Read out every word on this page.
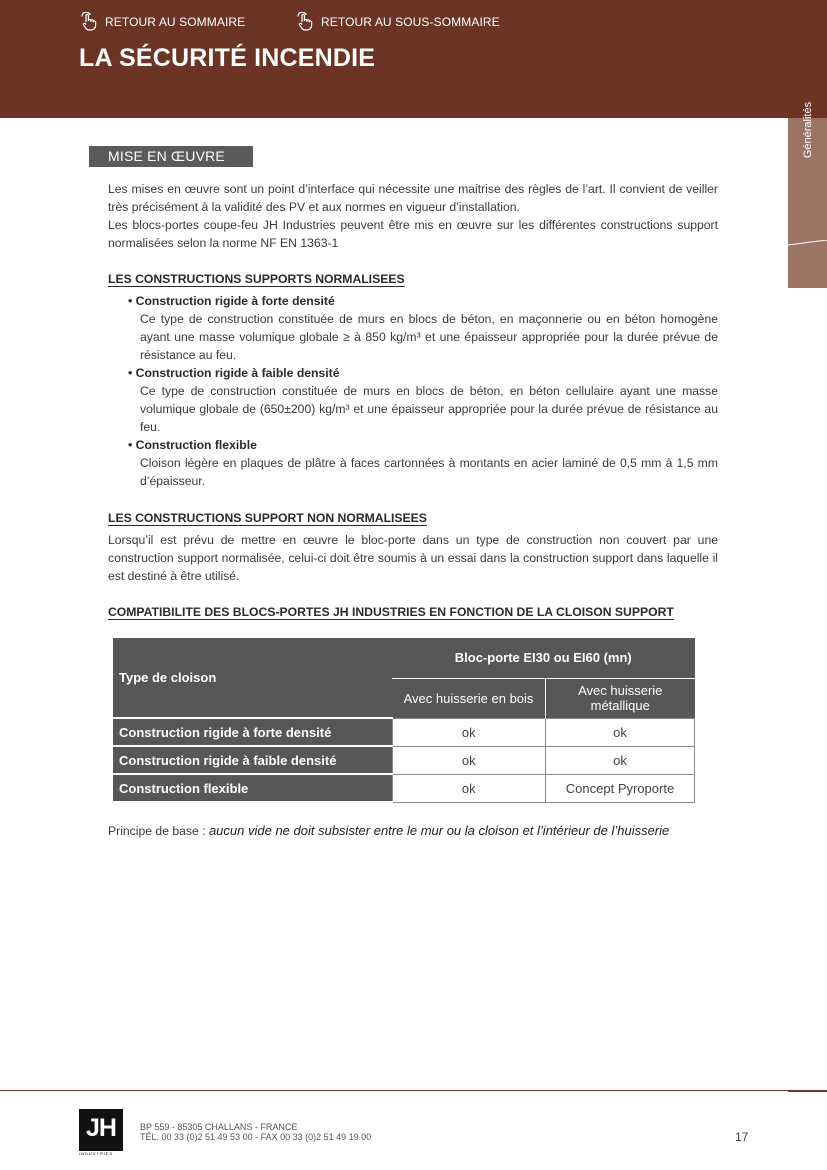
RETOUR AU SOMMAIRE	RETOUR AU SOUS-SOMMAIRE
LA SÉCURITÉ INCENDIE
Généralités
MISE EN ŒUVRE

Les mises en œuvre sont un point d’interface qui nécessite une maitrise des règles de l’art. Il convient de veiller très précisément à la validité des PV et aux normes en vigueur d’installation.

Les blocs-portes coupe-feu JH Industries peuvent être mis en œuvre sur les différentes constructions support normalisées selon la norme NF EN 1363-1

LES CONSTRUCTIONS SUPPORTS NORMALISEES

• Construction rigide à forte densité

Ce type de construction constituée de murs en blocs de béton, en maçonnerie ou en béton homogène ayant une masse volumique globale ≥ à 850 kg/m³ et une épaisseur appropriée pour la durée prévue de résistance au feu.

• Construction rigide à faible densité

Ce type de construction constituée de murs en blocs de béton, en béton cellulaire ayant une masse volumique globale de (650±200) kg/m³ et une épaisseur appropriée pour la durée prévue de résistance au feu.

• Construction flexible

Cloison légère en plaques de plâtre à faces cartonnées à montants en acier laminé de 0,5 mm à 1,5 mm d’épaisseur.

LES CONSTRUCTIONS SUPPORT NON NORMALISEES

Lorsqu’il est prévu de mettre en œuvre le bloc-porte dans un type de construction non couvert par une construction support normalisée, celui-ci doit être soumis à un essai dans la construction support dans laquelle il est destiné à être utilisé.

COMPATIBILITE DES BLOCS-PORTES JH INDUSTRIES EN FONCTION DE LA CLOISON SUPPORT
Type de cloison	Bloc-porte EI30 ou EI60 (mn)	
	Avec huisserie en bois	Avec huisserie métallique
Construction rigide à forte densité	ok	ok
Construction rigide à faible densité	ok	ok
Construction flexible	ok	Concept Pyroporte

Principe de base : aucun vide ne doit subsister entre le mur ou la cloison et l’intérieur de l’huisserie

JH
INDUSTRIES

BP 559 - 85305 CHALLANS - FRANCE
TÉL. 00 33 (0)2 51 49 53 00 - FAX 00 33 (0)2 51 49 19 00	17
